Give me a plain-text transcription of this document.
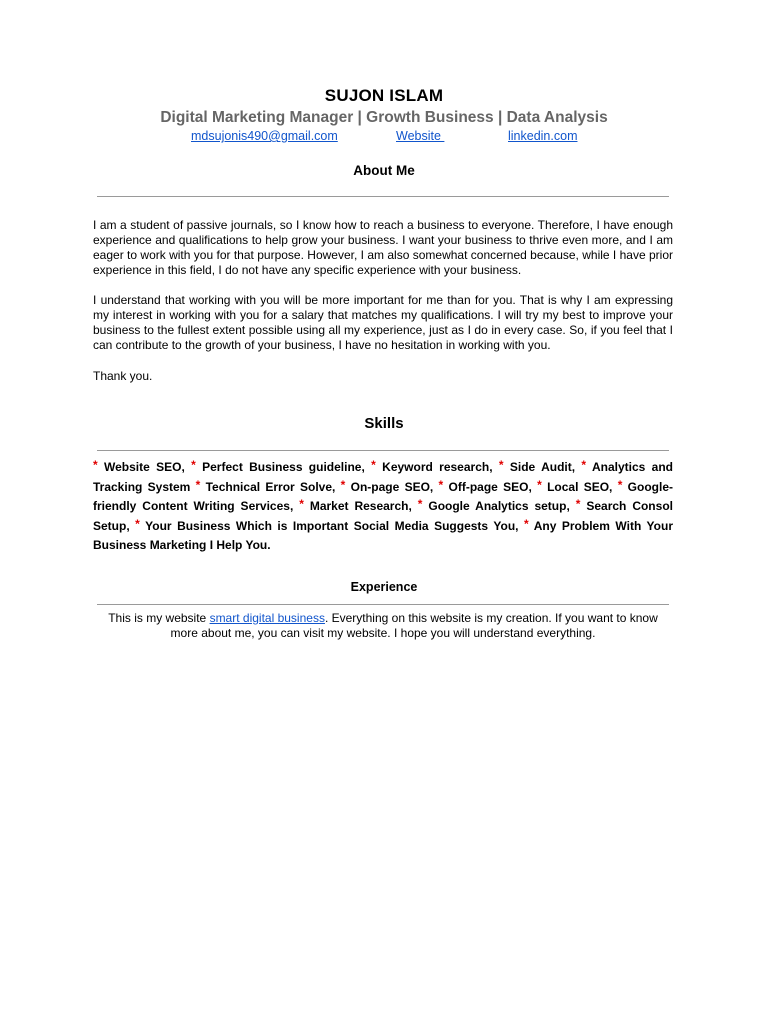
SUJON ISLAM
Digital Marketing Manager | Growth Business | Data Analysis
mdsujonis490@gmail.com	Website	linkedin.com
About Me

I am a student of passive journals, so I know how to reach a business to everyone. Therefore, I have enough experience and qualifications to help grow your business. I want your business to thrive even more, and I am eager to work with you for that purpose. However, I am also somewhat concerned because, while I have prior experience in this field, I do not have any specific experience with your business.

I understand that working with you will be more important for me than for you. That is why I am expressing my interest in working with you for a salary that matches my qualifications. I will try my best to improve your business to the fullest extent possible using all my experience, just as I do in every case. So, if you feel that I can contribute to the growth of your business, I have no hesitation in working with you.

Thank you.

Skills
* Website SEO, * Perfect Business guideline, * Keyword research, * Side Audit, * Analytics and Tracking System * Technical Error Solve, * On-page SEO, * Off-page SEO, * Local SEO, * Google-friendly Content Writing Services, * Market Research, * Google Analytics setup, * Search Consol Setup, * Your Business Which is Important Social Media Suggests You, * Any Problem With Your Business Marketing I Help You.
Experience
This is my website smart digital business. Everything on this website is my creation. If you want to know more about me, you can visit my website. I hope you will understand everything.
